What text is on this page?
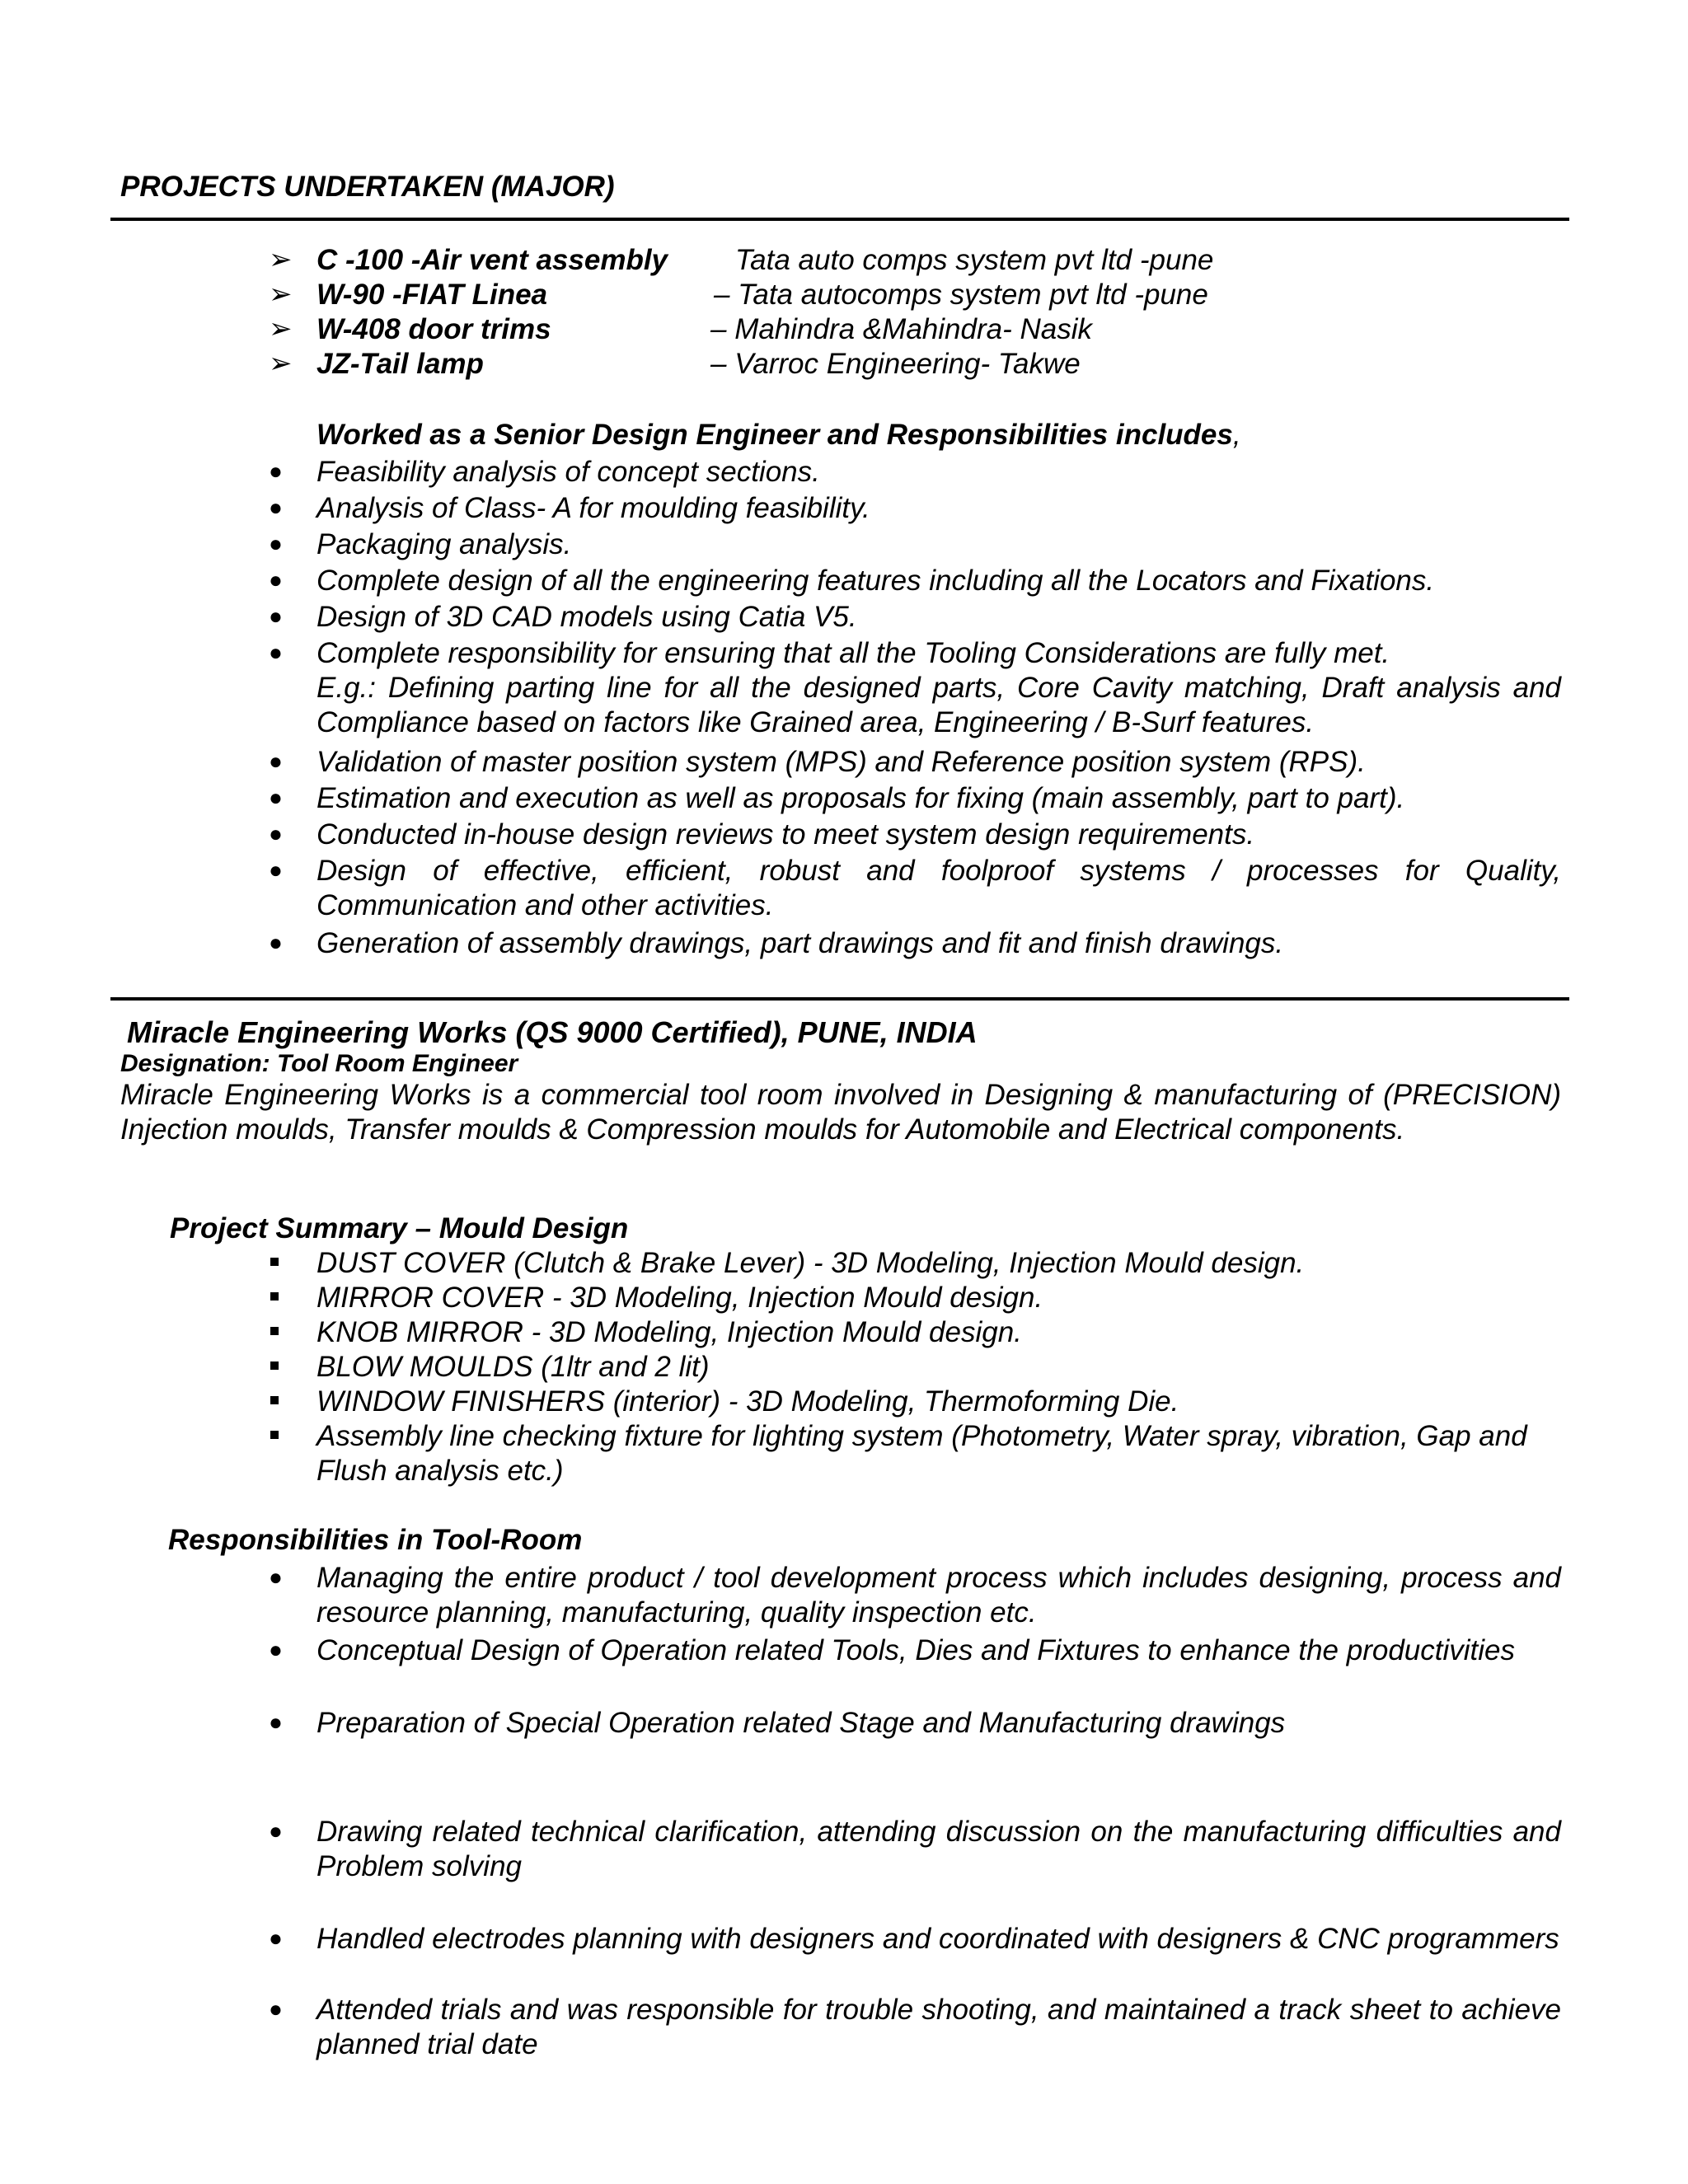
PROJECTS UNDERTAKEN (MAJOR)
➢ C -100 -Air vent assembly Tata auto comps system pvt ltd -pune
➢ W-90 -FIAT Linea	– Tata autocomps system pvt ltd -pune
➢ W-408 door trims	– Mahindra &Mahindra- Nasik
➢ JZ-Tail lamp	– Varroc Engineering- Takwe
Worked as a Senior Design Engineer and Responsibilities includes,
● Feasibility analysis of concept sections.
● Analysis of Class- A for moulding feasibility.
● Packaging analysis.
● Complete design of all the engineering features including all the Locators and Fixations.
● Design of 3D CAD models using Catia V5.
● Complete responsibility for ensuring that all the Tooling Considerations are fully met.
E.g.: Defining parting line for all the designed parts, Core Cavity matching, Draft analysis and Compliance based on factors like Grained area, Engineering / B-Surf features.
● Validation of master position system (MPS) and Reference position system (RPS).
● Estimation and execution as well as proposals for fixing (main assembly, part to part).
● Conducted in-house design reviews to meet system design requirements.
● Design of effective, efficient, robust and foolproof systems / processes for Quality, Communication and other activities.
● Generation of assembly drawings, part drawings and fit and finish drawings.
Miracle Engineering Works (QS 9000 Certified), PUNE, INDIA
Designation: Tool Room Engineer
Miracle Engineering Works is a commercial tool room involved in Designing & manufacturing of (PRECISION) Injection moulds, Transfer moulds & Compression moulds for Automobile and Electrical components.
Project Summary – Mould Design
DUST COVER (Clutch & Brake Lever) - 3D Modeling, Injection Mould design.
MIRROR COVER - 3D Modeling, Injection Mould design.
KNOB MIRROR - 3D Modeling, Injection Mould design.
BLOW MOULDS (1ltr and 2 lit)
WINDOW FINISHERS (interior) - 3D Modeling, Thermoforming Die.
Assembly line checking fixture for lighting system (Photometry, Water spray, vibration, Gap and Flush analysis etc.)
Responsibilities in Tool-Room
● Managing the entire product / tool development process which includes designing, process and resource planning, manufacturing, quality inspection etc.
● Conceptual Design of Operation related Tools, Dies and Fixtures to enhance the productivities
● Preparation of Special Operation related Stage and Manufacturing drawings
● Drawing related technical clarification, attending discussion on the manufacturing difficulties and Problem solving
● Handled electrodes planning with designers and coordinated with designers & CNC programmers
● Attended trials and was responsible for trouble shooting, and maintained a track sheet to achieve planned trial date
